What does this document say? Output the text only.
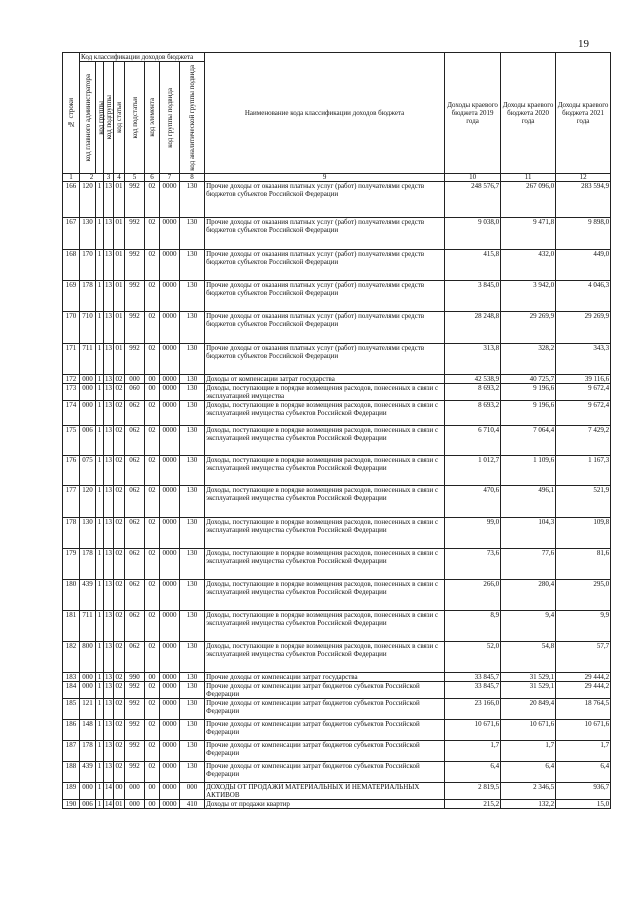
19
№ строки	Код классификации доходов бюджета								Наименование кода классификации доходов бюджета	Доходы краевого бюджета 2019 года	Доходы краевого бюджета 2020 года	Доходы краевого бюджета 2021 года

	код главного администратора	код группы	код подгруппы	код статьи	код подстатьи	код элемента	код группы подвида	код аналитической группы подвида				

1	2		3	4	5	6	7	8	9	10	11	12
166	120	1	13	01	992	02	0000	130	Прочие доходы от оказания платных услуг (работ) получателями средств бюджетов субъектов Российской Федерации	248 576,7	267 096,0	283 594,9
167	130	1	13	01	992	02	0000	130	Прочие доходы от оказания платных услуг (работ) получателями средств бюджетов субъектов Российской Федерации	9 038,0	9 471,8	9 898,0
168	170	1	13	01	992	02	0000	130	Прочие доходы от оказания платных услуг (работ) получателями средств бюджетов субъектов Российской Федерации	415,8	432,0	449,0
169	178	1	13	01	992	02	0000	130	Прочие доходы от оказания платных услуг (работ) получателями средств бюджетов субъектов Российской Федерации	3 845,0	3 942,0	4 046,3
170	710	1	13	01	992	02	0000	130	Прочие доходы от оказания платных услуг (работ) получателями средств бюджетов субъектов Российской Федерации	28 248,8	29 269,9	29 269,9
171	711	1	13	01	992	02	0000	130	Прочие доходы от оказания платных услуг (работ) получателями средств бюджетов субъектов Российской Федерации	313,8	328,2	343,3
172	000	1	13	02	000	00	0000	130	Доходы от компенсации затрат государства	42 538,9	40 725,7	39 116,6
173	000	1	13	02	060	00	0000	130	Доходы, поступающие в порядке возмещения расходов, понесенных в связи с эксплуатацией имущества	8 693,2	9 196,6	9 672,4
174	000	1	13	02	062	02	0000	130	Доходы, поступающие в порядке возмещения расходов, понесенных в связи с эксплуатацией имущества субъектов Российской Федерации	8 693,2	9 196,6	9 672,4
175	006	1	13	02	062	02	0000	130	Доходы, поступающие в порядке возмещения расходов, понесенных в связи с эксплуатацией имущества субъектов Российской Федерации	6 710,4	7 064,4	7 429,2
176	075	1	13	02	062	02	0000	130	Доходы, поступающие в порядке возмещения расходов, понесенных в связи с эксплуатацией имущества субъектов Российской Федерации	1 012,7	1 109,6	1 167,3
177	120	1	13	02	062	02	0000	130	Доходы, поступающие в порядке возмещения расходов, понесенных в связи с эксплуатацией имущества субъектов Российской Федерации	470,6	496,1	521,9
178	130	1	13	02	062	02	0000	130	Доходы, поступающие в порядке возмещения расходов, понесенных в связи с эксплуатацией имущества субъектов Российской Федерации	99,0	104,3	109,8
179	178	1	13	02	062	02	0000	130	Доходы, поступающие в порядке возмещения расходов, понесенных в связи с эксплуатацией имущества субъектов Российской Федерации	73,6	77,6	81,6
180	439	1	13	02	062	02	0000	130	Доходы, поступающие в порядке возмещения расходов, понесенных в связи с эксплуатацией имущества субъектов Российской Федерации	266,0	280,4	295,0
181	711	1	13	02	062	02	0000	130	Доходы, поступающие в порядке возмещения расходов, понесенных в связи с эксплуатацией имущества субъектов Российской Федерации	8,9	9,4	9,9
182	800	1	13	02	062	02	0000	130	Доходы, поступающие в порядке возмещения расходов, понесенных в связи с эксплуатацией имущества субъектов Российской Федерации	52,0	54,8	57,7
183	000	1	13	02	990	00	0000	130	Прочие доходы от компенсации затрат государства	33 845,7	31 529,1	29 444,2
184	000	1	13	02	992	02	0000	130	Прочие доходы от компенсации затрат бюджетов субъектов Российской Федерации	33 845,7	31 529,1	29 444,2
185	121	1	13	02	992	02	0000	130	Прочие доходы от компенсации затрат бюджетов субъектов Российской Федерации	23 166,0	20 849,4	18 764,5
186	148	1	13	02	992	02	0000	130	Прочие доходы от компенсации затрат бюджетов субъектов Российской Федерации	10 671,6	10 671,6	10 671,6
187	178	1	13	02	992	02	0000	130	Прочие доходы от компенсации затрат бюджетов субъектов Российской Федерации	1,7	1,7	1,7
188	439	1	13	02	992	02	0000	130	Прочие доходы от компенсации затрат бюджетов субъектов Российской Федерации	6,4	6,4	6,4
189	000	1	14	00	000	00	0000	000	ДОХОДЫ ОТ ПРОДАЖИ МАТЕРИАЛЬНЫХ И НЕМАТЕРИАЛЬНЫХ АКТИВОВ	2 819,5	2 346,5	936,7
190	006	1	14	01	000	00	0000	410	Доходы от продажи квартир	215,2	132,2	15,0
